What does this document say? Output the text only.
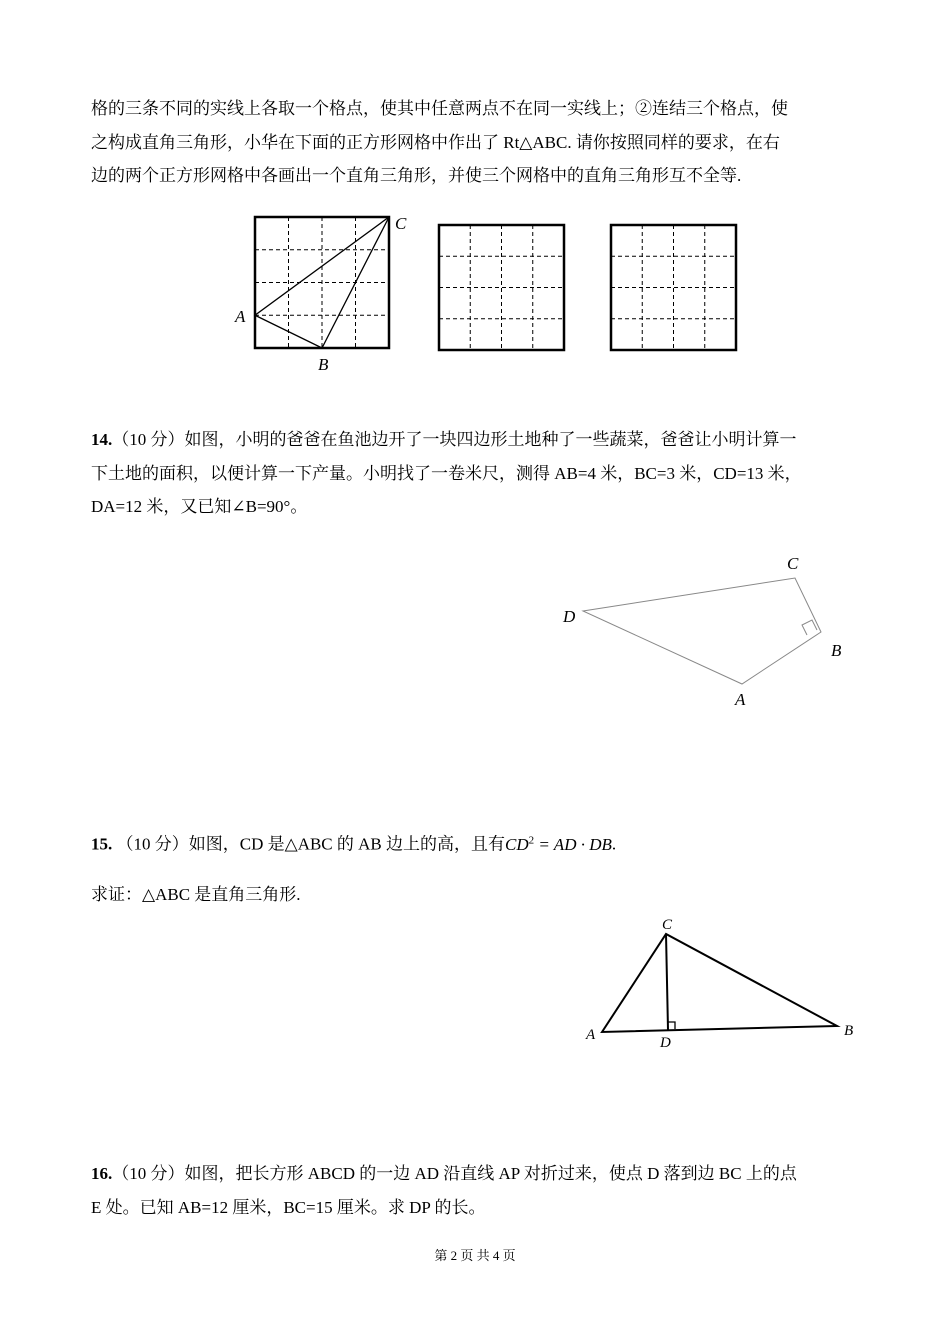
格的三条不同的实线上各取一个格点，使其中任意两点不在同一实线上；②连结三个格点，使
之构成直角三角形，小华在下面的正方形网格中作出了 Rt△ABC. 请你按照同样的要求，在右
边的两个正方形网格中各画出一个直角三角形，并使三个网格中的直角三角形互不全等.
A
B
C
14.（10 分）如图，小明的爸爸在鱼池边开了一块四边形土地种了一些蔬菜，爸爸让小明计算一
下土地的面积，以便计算一下产量。小明找了一卷米尺，测得 AB=4 米，BC=3 米，CD=13 米，
DA=12 米，又已知∠B=90°。
D
C
B
A
15. （10 分）如图，CD 是△ABC 的 AB 边上的高，且有$CD^2$ = AD · DB.
求证：△ABC 是直角三角形.
C
A	B
D
16.（10 分）如图，把长方形 ABCD 的一边 AD 沿直线 AP 对折过来，使点 D 落到边 BC 上的点
E 处。已知 AB=12 厘米，BC=15 厘米。求 DP 的长。
第 2 页 共 4 页
